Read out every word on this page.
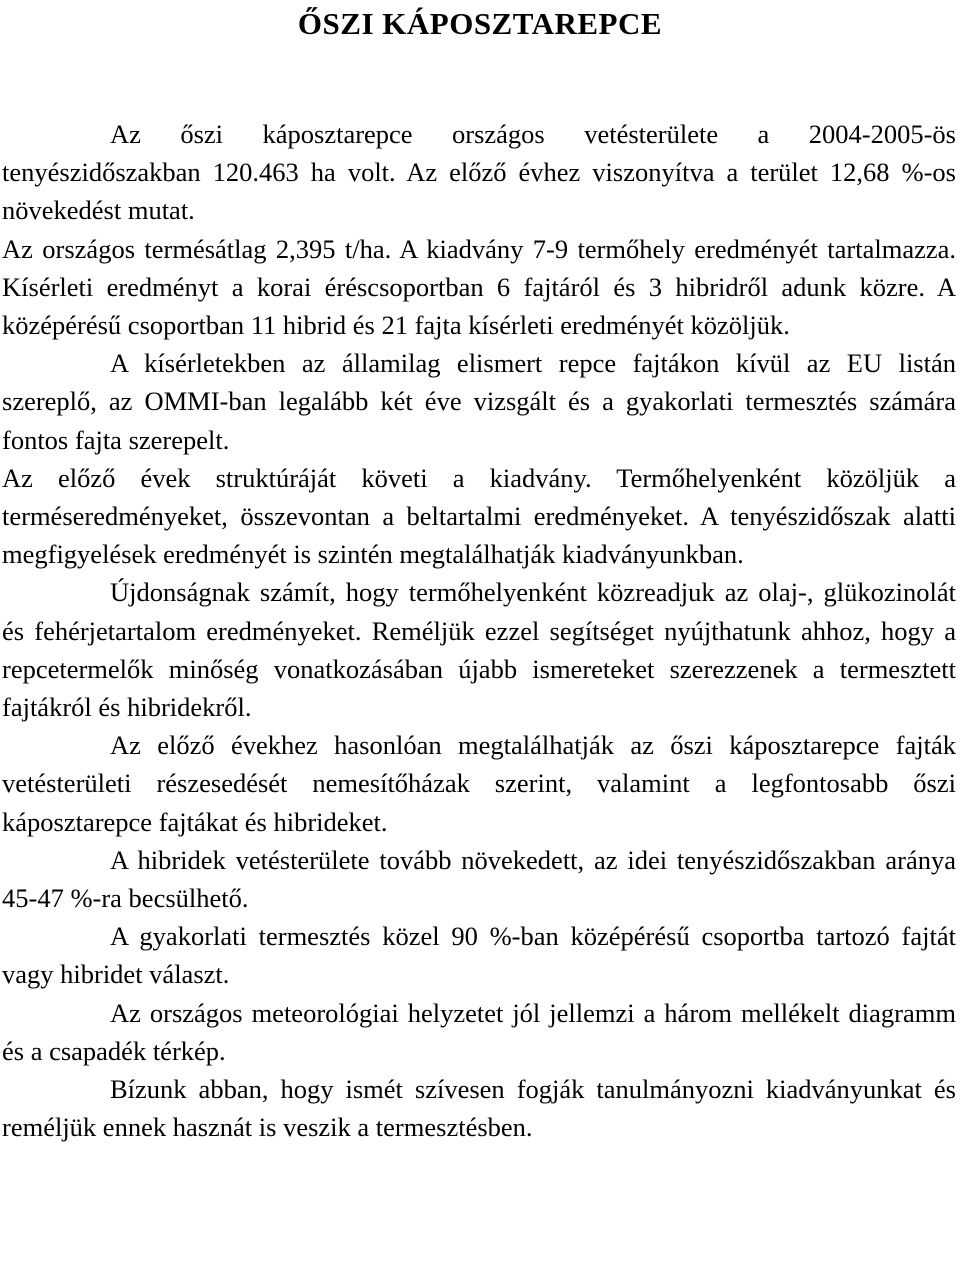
ŐSZI KÁPOSZTAREPCE

Az őszi káposztarepce országos vetésterülete a 2004-2005-ös tenyészidőszakban 120.463 ha volt. Az előző évhez viszonyítva a terület 12,68 %-os növekedést mutat.

Az országos termésátlag 2,395 t/ha. A kiadvány 7-9 termőhely eredményét tartalmazza. Kísérleti eredményt a korai éréscsoportban 6 fajtáról és 3 hibridről adunk közre. A középérésű csoportban 11 hibrid és 21 fajta kísérleti eredményét közöljük.

A kísérletekben az államilag elismert repce fajtákon kívül az EU listán szereplő, az OMMI-ban legalább két éve vizsgált és a gyakorlati termesztés számára fontos fajta szerepelt.

Az előző évek struktúráját követi a kiadvány. Termőhelyenként közöljük a terméseredményeket, összevontan a beltartalmi eredményeket. A tenyészidőszak alatti megfigyelések eredményét is szintén megtalálhatják kiadványunkban.

Újdonságnak számít, hogy termőhelyenként közreadjuk az olaj-, glükozinolát és fehérjetartalom eredményeket. Reméljük ezzel segítséget nyújthatunk ahhoz, hogy a repcetermelők minőség vonatkozásában újabb ismereteket szerezzenek a termesztett fajtákról és hibridekről.

Az előző évekhez hasonlóan megtalálhatják az őszi káposztarepce fajták vetésterületi részesedését nemesítőházak szerint, valamint a legfontosabb őszi káposztarepce fajtákat és hibrideket.

A hibridek vetésterülete tovább növekedett, az idei tenyészidőszakban aránya 45-47 %-ra becsülhető.

A gyakorlati termesztés közel 90 %-ban középérésű csoportba tartozó fajtát vagy hibridet választ.

Az országos meteorológiai helyzetet jól jellemzi a három mellékelt diagramm és a csapadék térkép.

Bízunk abban, hogy ismét szívesen fogják tanulmányozni kiadványunkat és reméljük ennek hasznát is veszik a termesztésben.
